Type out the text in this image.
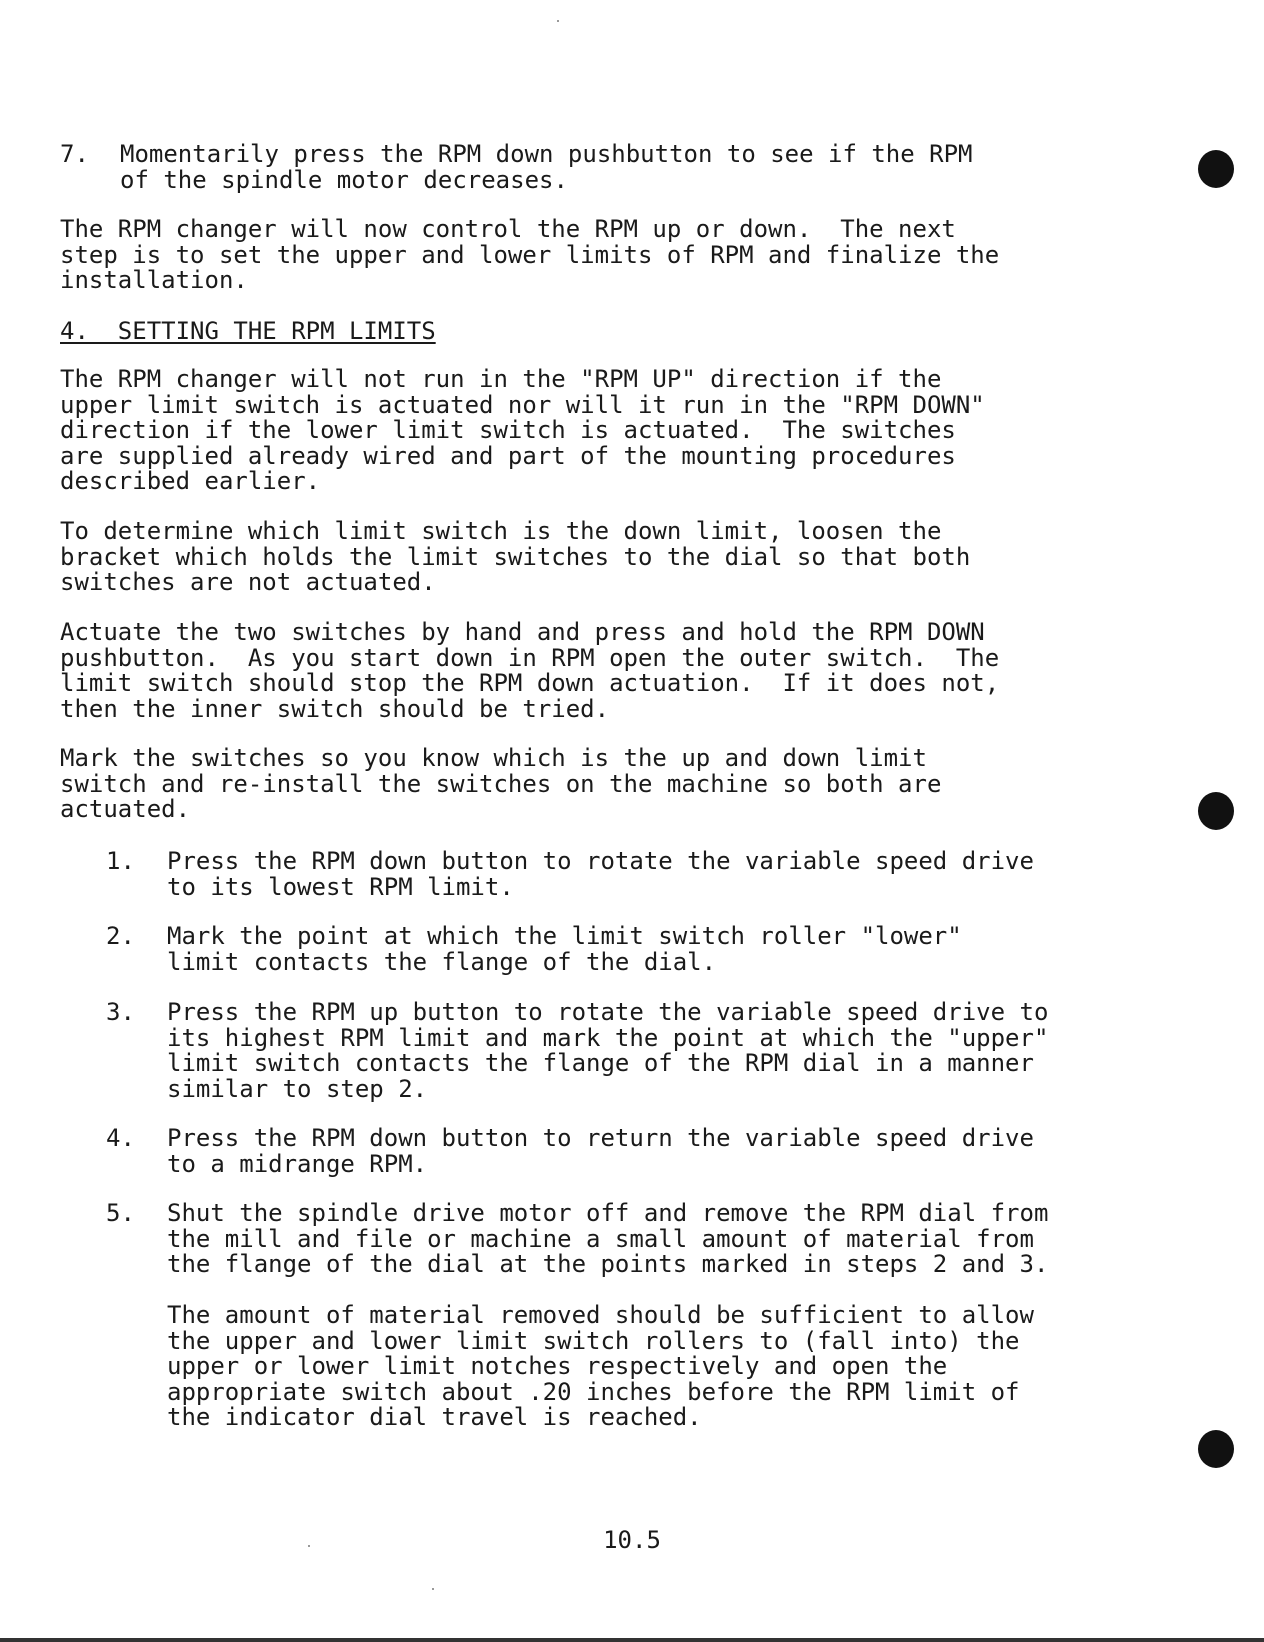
7. Momentarily press the RPM down pushbutton to see if the RPM
of the spindle motor decreases.
The RPM changer will now control the RPM up or down.  The next
step is to set the upper and lower limits of RPM and finalize the
installation.
4.  SETTING THE RPM LIMITS
The RPM changer will not run in the "RPM UP" direction if the
upper limit switch is actuated nor will it run in the "RPM DOWN"
direction if the lower limit switch is actuated.  The switches
are supplied already wired and part of the mounting procedures
described earlier.
To determine which limit switch is the down limit, loosen the
bracket which holds the limit switches to the dial so that both
switches are not actuated.
Actuate the two switches by hand and press and hold the RPM DOWN
pushbutton.  As you start down in RPM open the outer switch.  The
limit switch should stop the RPM down actuation.  If it does not,
then the inner switch should be tried.
Mark the switches so you know which is the up and down limit
switch and re-install the switches on the machine so both are
actuated.
1. Press the RPM down button to rotate the variable speed drive
to its lowest RPM limit.
2. Mark the point at which the limit switch roller "lower"
limit contacts the flange of the dial.
3. Press the RPM up button to rotate the variable speed drive to
its highest RPM limit and mark the point at which the "upper"
limit switch contacts the flange of the RPM dial in a manner
similar to step 2.
4. Press the RPM down button to return the variable speed drive
to a midrange RPM.
5. Shut the spindle drive motor off and remove the RPM dial from
the mill and file or machine a small amount of material from
the flange of the dial at the points marked in steps 2 and 3.
The amount of material removed should be sufficient to allow
the upper and lower limit switch rollers to (fall into) the
upper or lower limit notches respectively and open the
appropriate switch about .20 inches before the RPM limit of
the indicator dial travel is reached.
10.5
